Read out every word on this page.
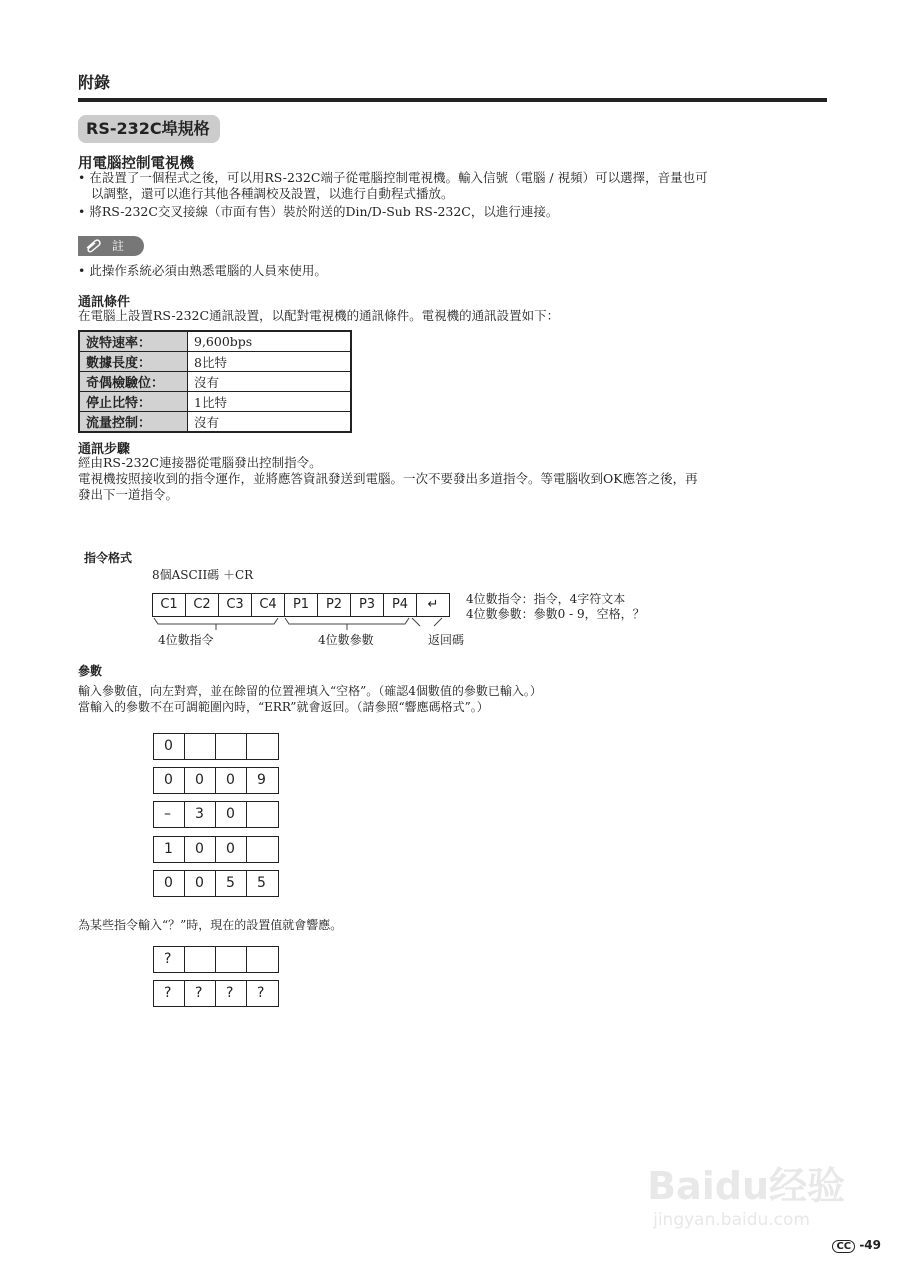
附錄
RS-232C埠規格
用電腦控制電視機
• 在設置了一個程式之後，可以用RS-232C端子從電腦控制電視機。輸入信號（電腦 / 視頻）可以選擇，音量也可
以調整，還可以進行其他各種調校及設置，以進行自動程式播放。
• 將RS-232C交叉接線（市面有售）裝於附送的Din/D-Sub RS-232C，以進行連接。
註
• 此操作系統必須由熟悉電腦的人員來使用。
通訊條件
在電腦上設置RS-232C通訊設置，以配對電視機的通訊條件。電視機的通訊設置如下：
波特速率：	9,600bps
數據長度：	8比特
奇偶檢驗位：	沒有
停止比特：	1比特
流量控制：	沒有
通訊步驟
經由RS-232C連接器從電腦發出控制指令。
電視機按照接收到的指令運作，並將應答資訊發送到電腦。一次不要發出多道指令。等電腦收到OK應答之後，再
發出下一道指令。
指令格式
8個ASCII碼 ＋CR
C1	C2	C3	C4	P1	P2	P3	P4	↵
4位數指令	4位數參數	返回碼
4位數指令：指令，4字符文本
4位數參數：參數0 - 9，空格，？
參數
輸入參數值，向左對齊，並在餘留的位置裡填入“空格”。（確認4個數值的參數已輸入。）
當輸入的參數不在可調範圍內時，“ERR”就會返回。（請參照“響應碼格式”。）
0
0	0	0	9
–	3	0
1	0	0
0	0	5	5
為某些指令輸入“？”時，現在的設置值就會響應。
?
?	?	?	?
Baidu经验
jingyan.baidu.com
CC -49
